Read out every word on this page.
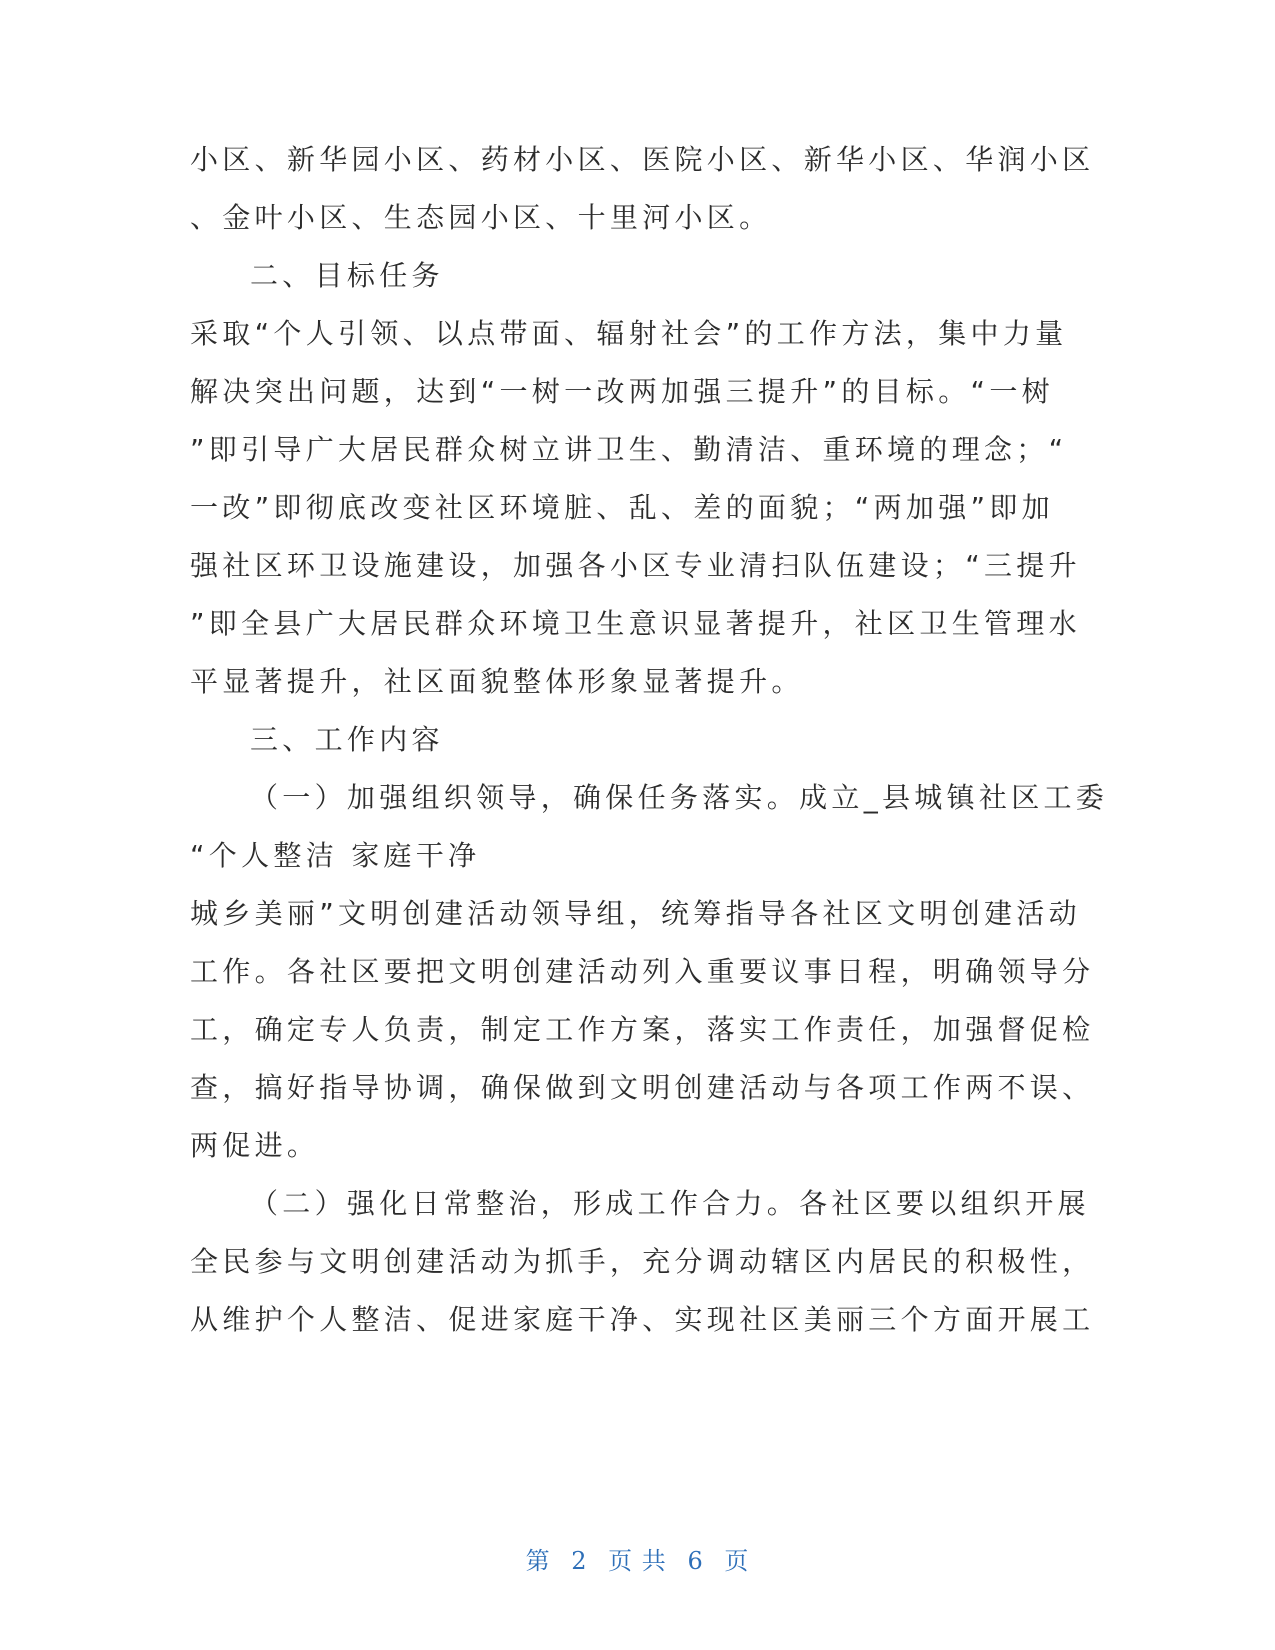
小区、新华园小区、药材小区、医院小区、新华小区、华润小区

、金叶小区、生态园小区、十里河小区。

二、目标任务

采取“个人引领、以点带面、辐射社会”的工作方法，集中力量

解决突出问题，达到“一树一改两加强三提升”的目标。“一树

”即引导广大居民群众树立讲卫生、勤清洁、重环境的理念；“

一改”即彻底改变社区环境脏、乱、差的面貌；“两加强”即加

强社区环卫设施建设，加强各小区专业清扫队伍建设；“三提升

”即全县广大居民群众环境卫生意识显著提升，社区卫生管理水

平显著提升，社区面貌整体形象显著提升。

三、工作内容

（一）加强组织领导，确保任务落实。成立_县城镇社区工委

“个人整洁 家庭干净

城乡美丽”文明创建活动领导组，统筹指导各社区文明创建活动

工作。各社区要把文明创建活动列入重要议事日程，明确领导分

工，确定专人负责，制定工作方案，落实工作责任，加强督促检

查，搞好指导协调，确保做到文明创建活动与各项工作两不误、

两促进。

（二）强化日常整治，形成工作合力。各社区要以组织开展

全民参与文明创建活动为抓手，充分调动辖区内居民的积极性，

从维护个人整洁、促进家庭干净、实现社区美丽三个方面开展工

第 2 页 共 6 页
